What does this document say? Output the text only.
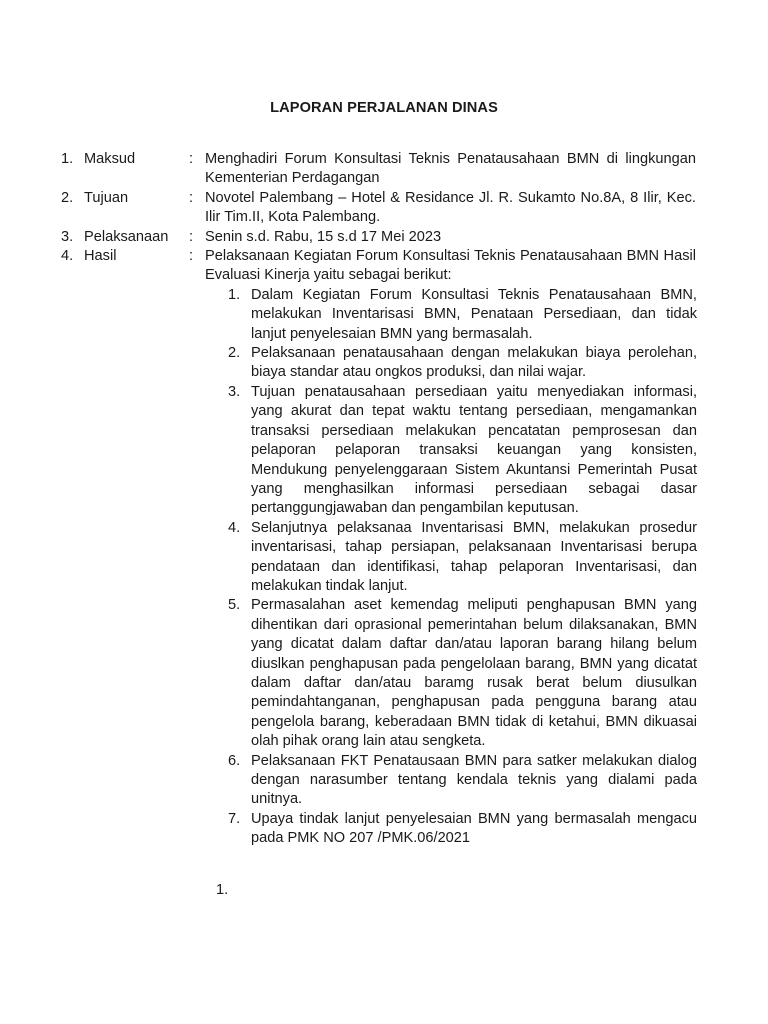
LAPORAN PERJALANAN DINAS
1. Maksud	: Menghadiri Forum Konsultasi Teknis Penatausahaan BMN di lingkungan Kementerian Perdagangan
2. Tujuan	: Novotel Palembang – Hotel & Residance Jl. R. Sukamto No.8A, 8 Ilir, Kec. Ilir Tim.II, Kota Palembang.
3. Pelaksanaan : Senin s.d. Rabu, 15 s.d 17 Mei 2023
4. Hasil	: Pelaksanaan Kegiatan Forum Konsultasi Teknis Penatausahaan BMN Hasil Evaluasi Kinerja yaitu sebagai berikut:
1. Dalam Kegiatan Forum Konsultasi Teknis Penatausahaan BMN, melakukan Inventarisasi BMN, Penataan Persediaan, dan tidak lanjut penyelesaian BMN yang bermasalah.
2. Pelaksanaan penatausahaan dengan melakukan biaya perolehan, biaya standar atau ongkos produksi, dan nilai wajar.
3. Tujuan penatausahaan persediaan yaitu menyediakan informasi, yang akurat dan tepat waktu tentang persediaan, mengamankan transaksi persediaan melakukan pencatatan pemprosesan dan pelaporan pelaporan transaksi keuangan yang konsisten, Mendukung penyelenggaraan Sistem Akuntansi Pemerintah Pusat yang menghasilkan informasi persediaan sebagai dasar pertanggungjawaban dan pengambilan keputusan.
4. Selanjutnya pelaksanaa Inventarisasi BMN, melakukan prosedur inventarisasi, tahap persiapan, pelaksanaan Inventarisasi berupa pendataan dan identifikasi, tahap pelaporan Inventarisasi, dan melakukan tindak lanjut.
5. Permasalahan aset kemendag meliputi penghapusan BMN yang dihentikan dari oprasional pemerintahan belum dilaksanakan, BMN yang dicatat dalam daftar dan/atau laporan barang hilang belum diuslkan penghapusan pada pengelolaan barang, BMN yang dicatat dalam daftar dan/atau baramg rusak berat belum diusulkan pemindahtanganan, penghapusan pada pengguna barang atau pengelola barang, keberadaan BMN tidak di ketahui, BMN dikuasai olah pihak orang lain atau sengketa.
6. Pelaksanaan FKT Penatausaan BMN para satker melakukan dialog dengan narasumber tentang kendala teknis yang dialami pada unitnya.
7. Upaya tindak lanjut penyelesaian BMN yang bermasalah mengacu pada PMK NO 207 /PMK.06/2021
1.
